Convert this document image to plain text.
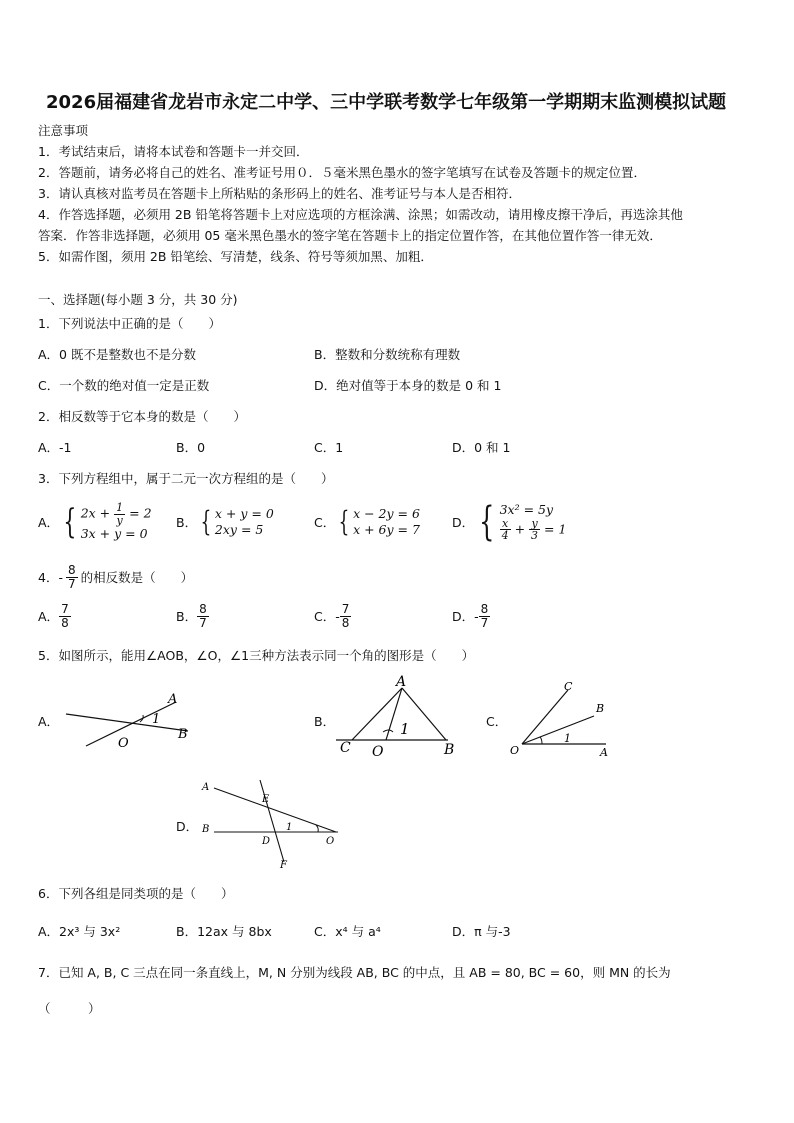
2026届福建省龙岩市永定二中学、三中学联考数学七年级第一学期期末监测模拟试题
注意事项
1．考试结束后，请将本试卷和答题卡一并交回．
2．答题前，请务必将自己的姓名、准考证号用０．５毫米黑色墨水的签字笔填写在试卷及答题卡的规定位置．
3．请认真核对监考员在答题卡上所粘贴的条形码上的姓名、准考证号与本人是否相符．
4．作答选择题，必须用 2B 铅笔将答题卡上对应选项的方框涂满、涂黑；如需改动，请用橡皮擦干净后，再选涂其他
答案．作答非选择题，必须用 05 毫米黑色墨水的签字笔在答题卡上的指定位置作答，在其他位置作答一律无效．
5．如需作图，须用 2B 铅笔绘、写清楚，线条、符号等须加黑、加粗．
一、选择题(每小题 3 分，共 30 分)
1．下列说法中正确的是（　　）
A．0 既不是整数也不是分数	B．整数和分数统称有理数
C．一个数的绝对值一定是正数	D．绝对值等于本身的数是 0 和 1
2．相反数等于它本身的数是（　　）
A．-1	B．0	C．1	D．0 和 1
3．下列方程组中，属于二元一次方程组的是（　　）
A． { $2x + \frac{1}{y} = 2$
3x + y = 0
B． { x + y = 0
2xy = 5	C． { x − 2y = 6
x + 6y = 7	D． { 3x² = 5y
$\frac{x}{4} + \frac{y}{3} = 1$
4．- $\frac{8}{7}$ 的相反数是（　　）
A． $\frac{7}{8}$	B． $\frac{8}{7}$	C．- $\frac{7}{8}$	D．- $\frac{8}{7}$
5．如图所示，能用∠AOB，∠O，∠1三种方法表示同一个角的图形是（　　）
A．
A
O
B
1	B．
A
C O	B
1	C．
C
B
O	A
1
D．
A
E
B
D	O
F
1
6．下列各组是同类项的是（　　）
A．2x³ 与 3x²	B．12ax 与 8bx	C．x⁴ 与 a⁴	D．π 与-3
7．已知 A, B, C 三点在同一条直线上，M, N 分别为线段 AB, BC 的中点，且 AB = 80, BC = 60，则 MN 的长为
（　　　）
